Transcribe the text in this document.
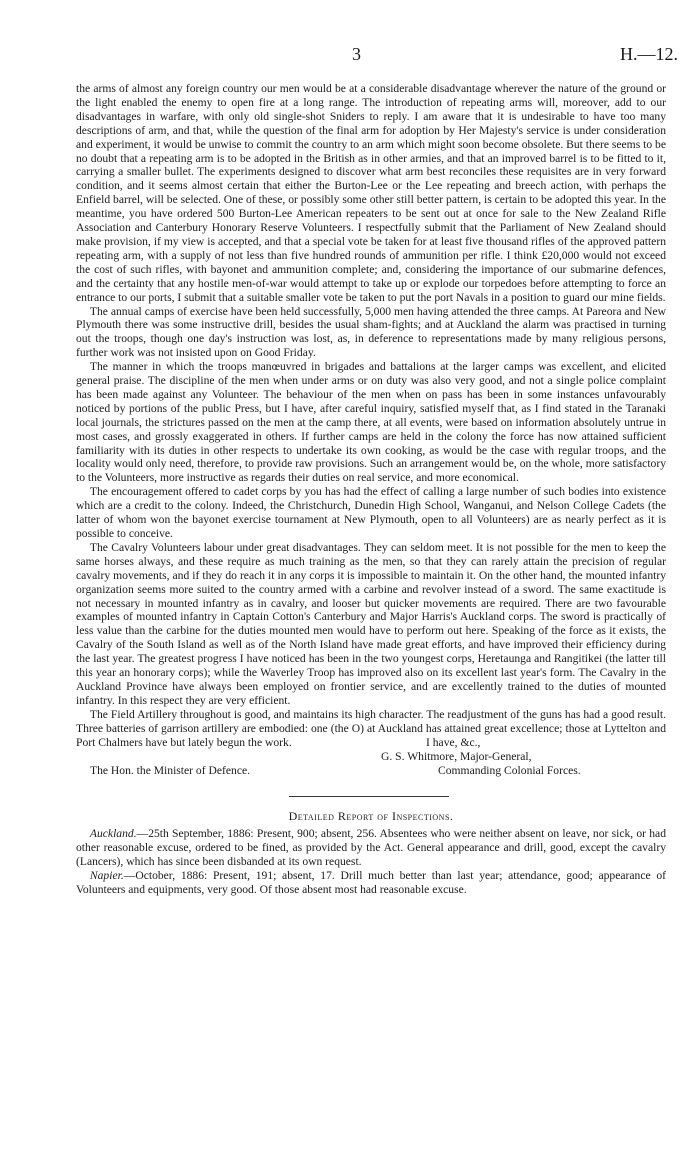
3	H.—12.

the arms of almost any foreign country our men would be at a considerable disadvantage wherever the nature of the ground or the light enabled the enemy to open fire at a long range. The introduction of repeating arms will, moreover, add to our disadvantages in warfare, with only old single-shot Sniders to reply. I am aware that it is undesirable to have too many descriptions of arm, and that, while the question of the final arm for adoption by Her Majesty's service is under consideration and experiment, it would be unwise to commit the country to an arm which might soon become obsolete. But there seems to be no doubt that a repeating arm is to be adopted in the British as in other armies, and that an improved barrel is to be fitted to it, carrying a smaller bullet. The experiments designed to discover what arm best reconciles these requisites are in very forward condition, and it seems almost certain that either the Burton-Lee or the Lee repeating and breech action, with perhaps the Enfield barrel, will be selected. One of these, or possibly some other still better pattern, is certain to be adopted this year. In the meantime, you have ordered 500 Burton-Lee American repeaters to be sent out at once for sale to the New Zealand Rifle Association and Canterbury Honorary Reserve Volunteers. I respectfully submit that the Parliament of New Zealand should make provision, if my view is accepted, and that a special vote be taken for at least five thousand rifles of the approved pattern repeating arm, with a supply of not less than five hundred rounds of ammunition per rifle. I think £20,000 would not exceed the cost of such rifles, with bayonet and ammunition complete; and, considering the importance of our submarine defences, and the certainty that any hostile men-of-war would attempt to take up or explode our torpedoes before attempting to force an entrance to our ports, I submit that a suitable smaller vote be taken to put the port Navals in a position to guard our mine fields.

The annual camps of exercise have been held successfully, 5,000 men having attended the three camps. At Pareora and New Plymouth there was some instructive drill, besides the usual sham-fights; and at Auckland the alarm was practised in turning out the troops, though one day's instruction was lost, as, in deference to representations made by many religious persons, further work was not insisted upon on Good Friday.

The manner in which the troops manœuvred in brigades and battalions at the larger camps was excellent, and elicited general praise. The discipline of the men when under arms or on duty was also very good, and not a single police complaint has been made against any Volunteer. The behaviour of the men when on pass has been in some instances unfavourably noticed by portions of the public Press, but I have, after careful inquiry, satisfied myself that, as I find stated in the Taranaki local journals, the strictures passed on the men at the camp there, at all events, were based on information absolutely untrue in most cases, and grossly exaggerated in others. If further camps are held in the colony the force has now attained sufficient familiarity with its duties in other respects to undertake its own cooking, as would be the case with regular troops, and the locality would only need, therefore, to provide raw provisions. Such an arrangement would be, on the whole, more satisfactory to the Volunteers, more instructive as regards their duties on real service, and more economical.

The encouragement offered to cadet corps by you has had the effect of calling a large number of such bodies into existence which are a credit to the colony. Indeed, the Christchurch, Dunedin High School, Wanganui, and Nelson College Cadets (the latter of whom won the bayonet exercise tournament at New Plymouth, open to all Volunteers) are as nearly perfect as it is possible to conceive.

The Cavalry Volunteers labour under great disadvantages. They can seldom meet. It is not possible for the men to keep the same horses always, and these require as much training as the men, so that they can rarely attain the precision of regular cavalry movements, and if they do reach it in any corps it is impossible to maintain it. On the other hand, the mounted infantry organization seems more suited to the country armed with a carbine and revolver instead of a sword. The same exactitude is not necessary in mounted infantry as in cavalry, and looser but quicker movements are required. There are two favourable examples of mounted infantry in Captain Cotton's Canterbury and Major Harris's Auckland corps. The sword is practically of less value than the carbine for the duties mounted men would have to perform out here. Speaking of the force as it exists, the Cavalry of the South Island as well as of the North Island have made great efforts, and have improved their efficiency during the last year. The greatest progress I have noticed has been in the two youngest corps, Heretaunga and Rangitikei (the latter till this year an honorary corps); while the Waverley Troop has improved also on its excellent last year's form. The Cavalry in the Auckland Province have always been employed on frontier service, and are excellently trained to the duties of mounted infantry. In this respect they are very efficient.

The Field Artillery throughout is good, and maintains its high character. The readjustment of the guns has had a good result. Three batteries of garrison artillery are embodied: one (the O) at Auckland has attained great excellence; those at Lyttelton and Port Chalmers have but lately begun the work.	I have, &c.,
G. S. Whitmore, Major-General,
The Hon. the Minister of Defence.	Commanding Colonial Forces.
Detailed Report of Inspections.

Auckland.—25th September, 1886: Present, 900; absent, 256. Absentees who were neither absent on leave, nor sick, or had other reasonable excuse, ordered to be fined, as provided by the Act. General appearance and drill, good, except the cavalry (Lancers), which has since been disbanded at its own request.

Napier.—October, 1886: Present, 191; absent, 17. Drill much better than last year; attendance, good; appearance of Volunteers and equipments, very good. Of those absent most had reasonable excuse.
